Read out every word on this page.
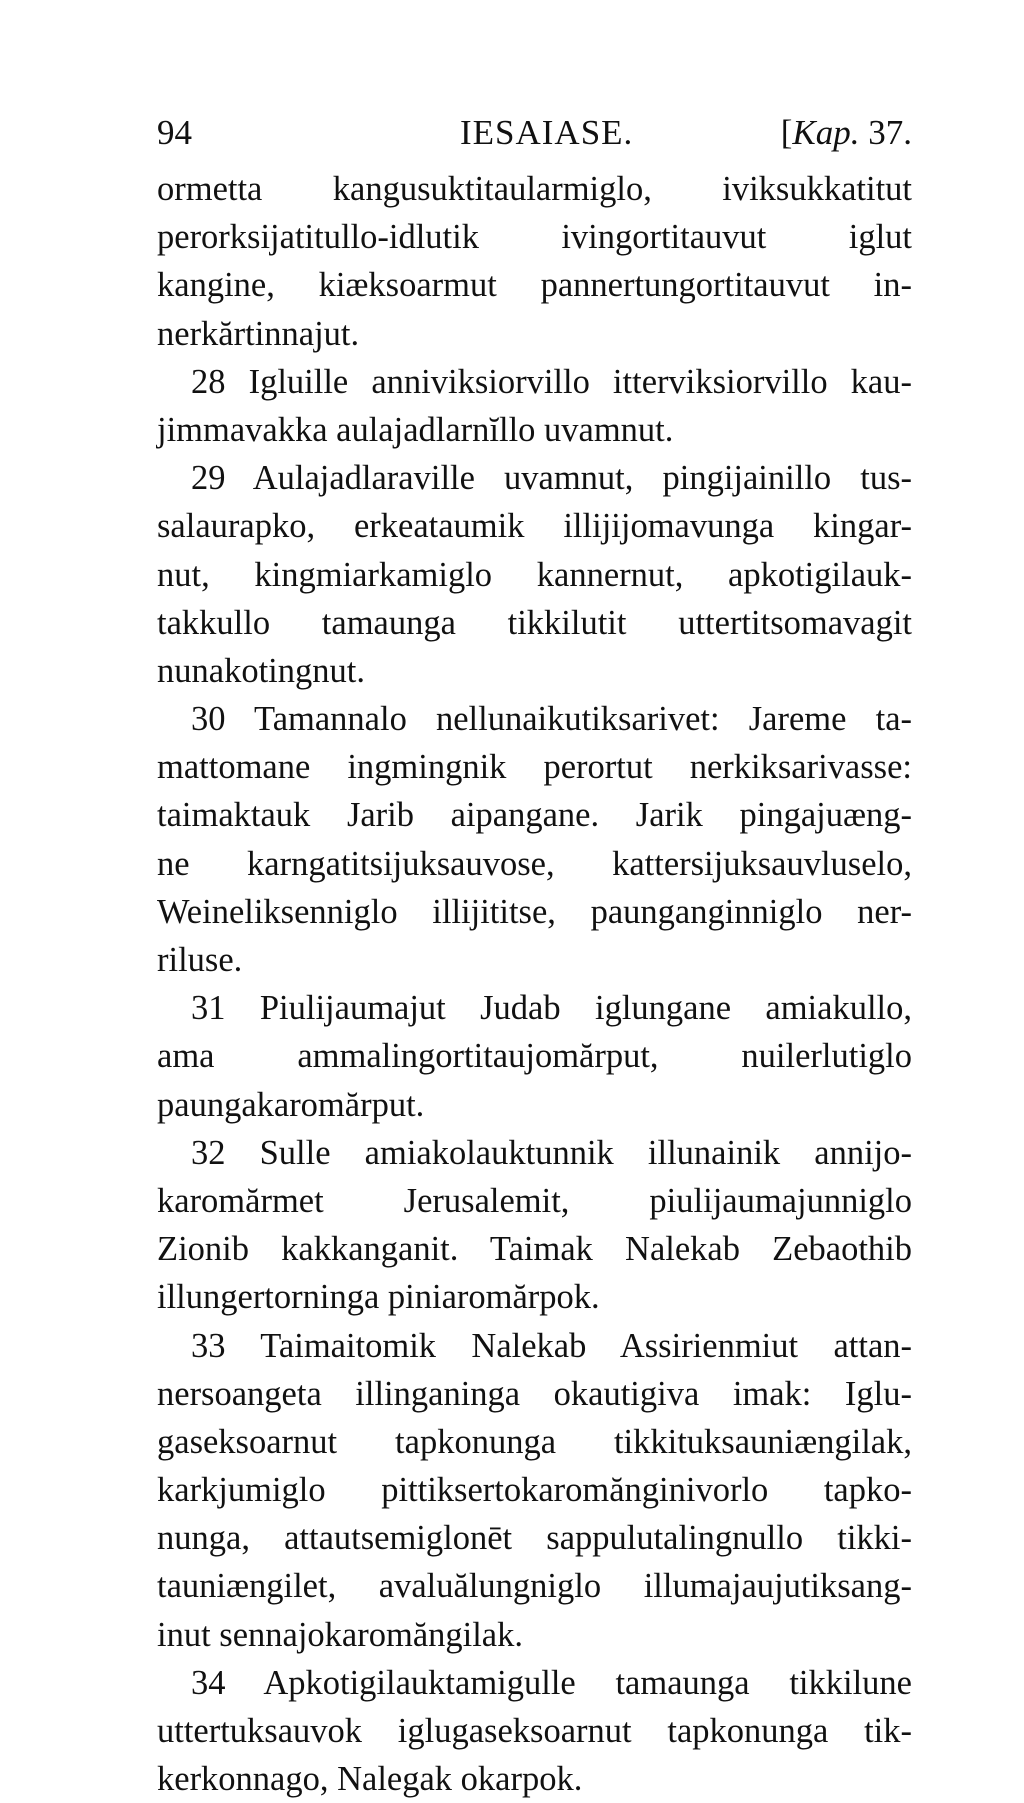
94	IESAIASE.	[Kap. 37.
ormetta kangusuktitaularmiglo, iviksukkatitut
perorksijatitullo-idlutik ivingortitauvut iglut
kangine, kiæksoarmut pannertungortitauvut in-
nerkărtinnajut.
28 Igluille anniviksiorvillo itterviksiorvillo kau-
jimmavakka aulajadlarnĭllo uvamnut.
29 Aulajadlaraville uvamnut, pingijainillo tus-
salaurapko, erkeataumik illijijomavunga kingar-
nut, kingmiarkamiglo kannernut, apkotigilauk-
takkullo tamaunga tikkilutit uttertitsomavagit
nunakotingnut.
30 Tamannalo nellunaikutiksarivet: Jareme ta-
mattomane ingmingnik perortut nerkiksarivasse:
taimaktauk Jarib aipangane. Jarik pingajuæng-
ne karngatitsijuksauvose, kattersijuksauvluselo,
Weineliksenniglo illijititse, paunganginniglo ner-
riluse.
31 Piulijaumajut Judab iglungane amiakullo,
ama ammalingortitaujomărput, nuilerlutiglo
paungakaromărput.
32 Sulle amiakolauktunnik illunainik annijo-
karomărmet Jerusalemit, piulijaumajunniglo
Zionib kakkanganit. Taimak Nalekab Zebaothib
illungertorninga piniaromărpok.
33 Taimaitomik Nalekab Assirienmiut attan-
nersoangeta illinganinga okautigiva imak: Iglu-
gaseksoarnut tapkonunga tikkituksauniængilak,
karkjumiglo pittiksertokaromănginivorlo tapko-
nunga, attautsemiglonēt sappulutalingnullo tikki-
tauniængilet, avaluălungniglo illumajaujutiksang-
inut sennajokaromăngilak.
34 Apkotigilauktamigulle tamaunga tikkilune
uttertuksauvok iglugaseksoarnut tapkonunga tik-
kerkonnago, Nalegak okarpok.
